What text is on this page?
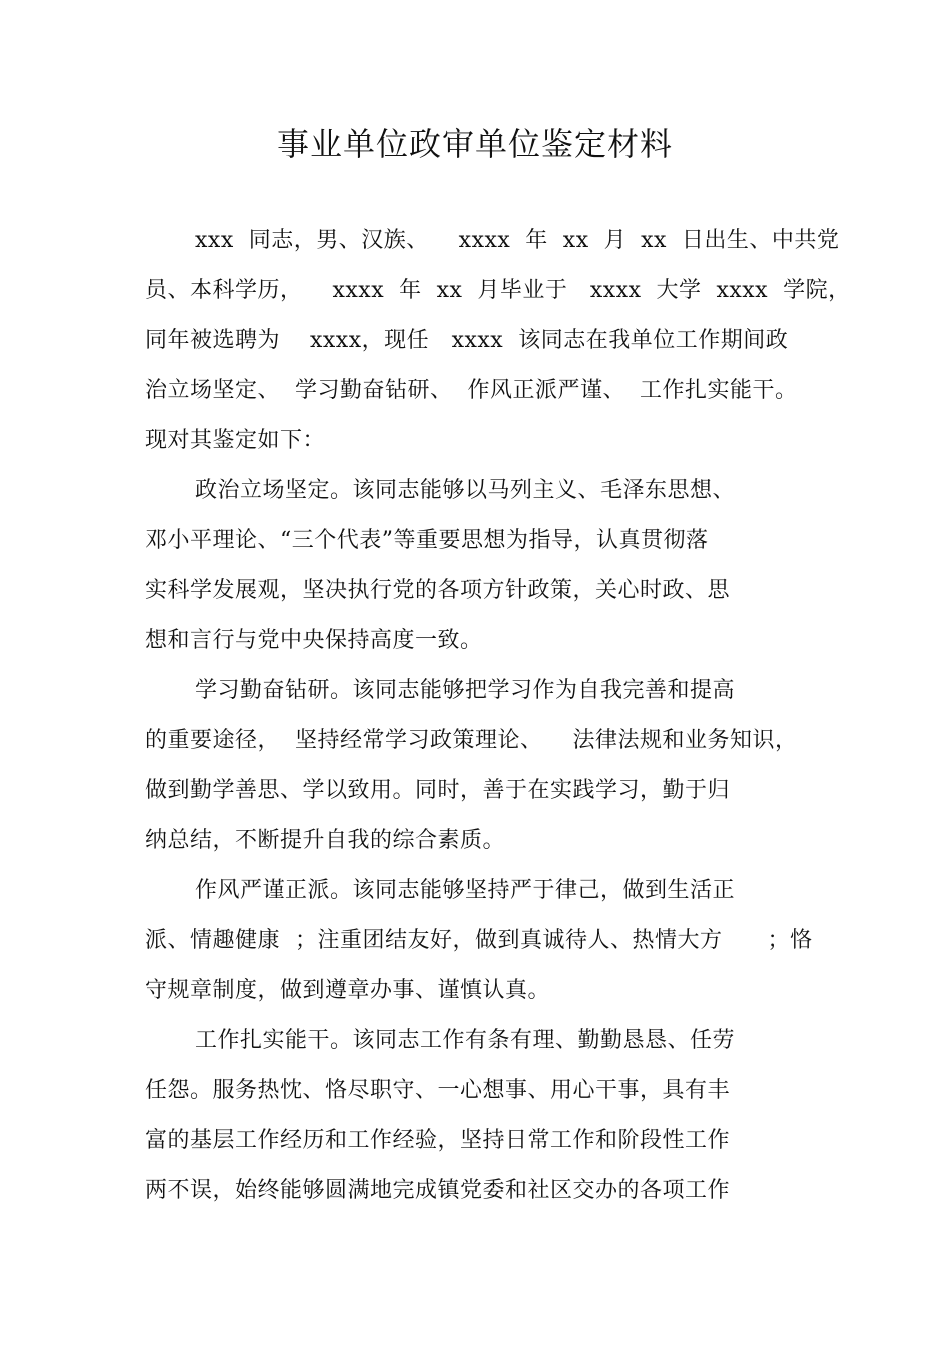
事业单位政审单位鉴定材料
xxx  同志，男、汉族、    xxxx  年  xx  月  xx  日出生、中共党
员、本科学历，    xxxx  年  xx  月毕业于   xxxx  大学  xxxx  学院，
同年被选聘为    xxxx，现任   xxxx  该同志在我单位工作期间政
治立场坚定、  学习勤奋钻研、  作风正派严谨、  工作扎实能干。
现对其鉴定如下：
政治立场坚定。该同志能够以马列主义、毛泽东思想、
邓小平理论、“三个代表”等重要思想为指导，认真贯彻落
实科学发展观，坚决执行党的各项方针政策，关心时政、思
想和言行与党中央保持高度一致。
学习勤奋钻研。该同志能够把学习作为自我完善和提高
的重要途径，  坚持经常学习政策理论、    法律法规和业务知识，
做到勤学善思、学以致用。同时，善于在实践学习，勤于归
纳总结，不断提升自我的综合素质。
作风严谨正派。该同志能够坚持严于律己，做到生活正
派、情趣健康  ；注重团结友好，做到真诚待人、热情大方      ；恪
守规章制度，做到遵章办事、谨慎认真。
工作扎实能干。该同志工作有条有理、勤勤恳恳、任劳
任怨。服务热忱、恪尽职守、一心想事、用心干事，具有丰
富的基层工作经历和工作经验，坚持日常工作和阶段性工作
两不误，始终能够圆满地完成镇党委和社区交办的各项工作
